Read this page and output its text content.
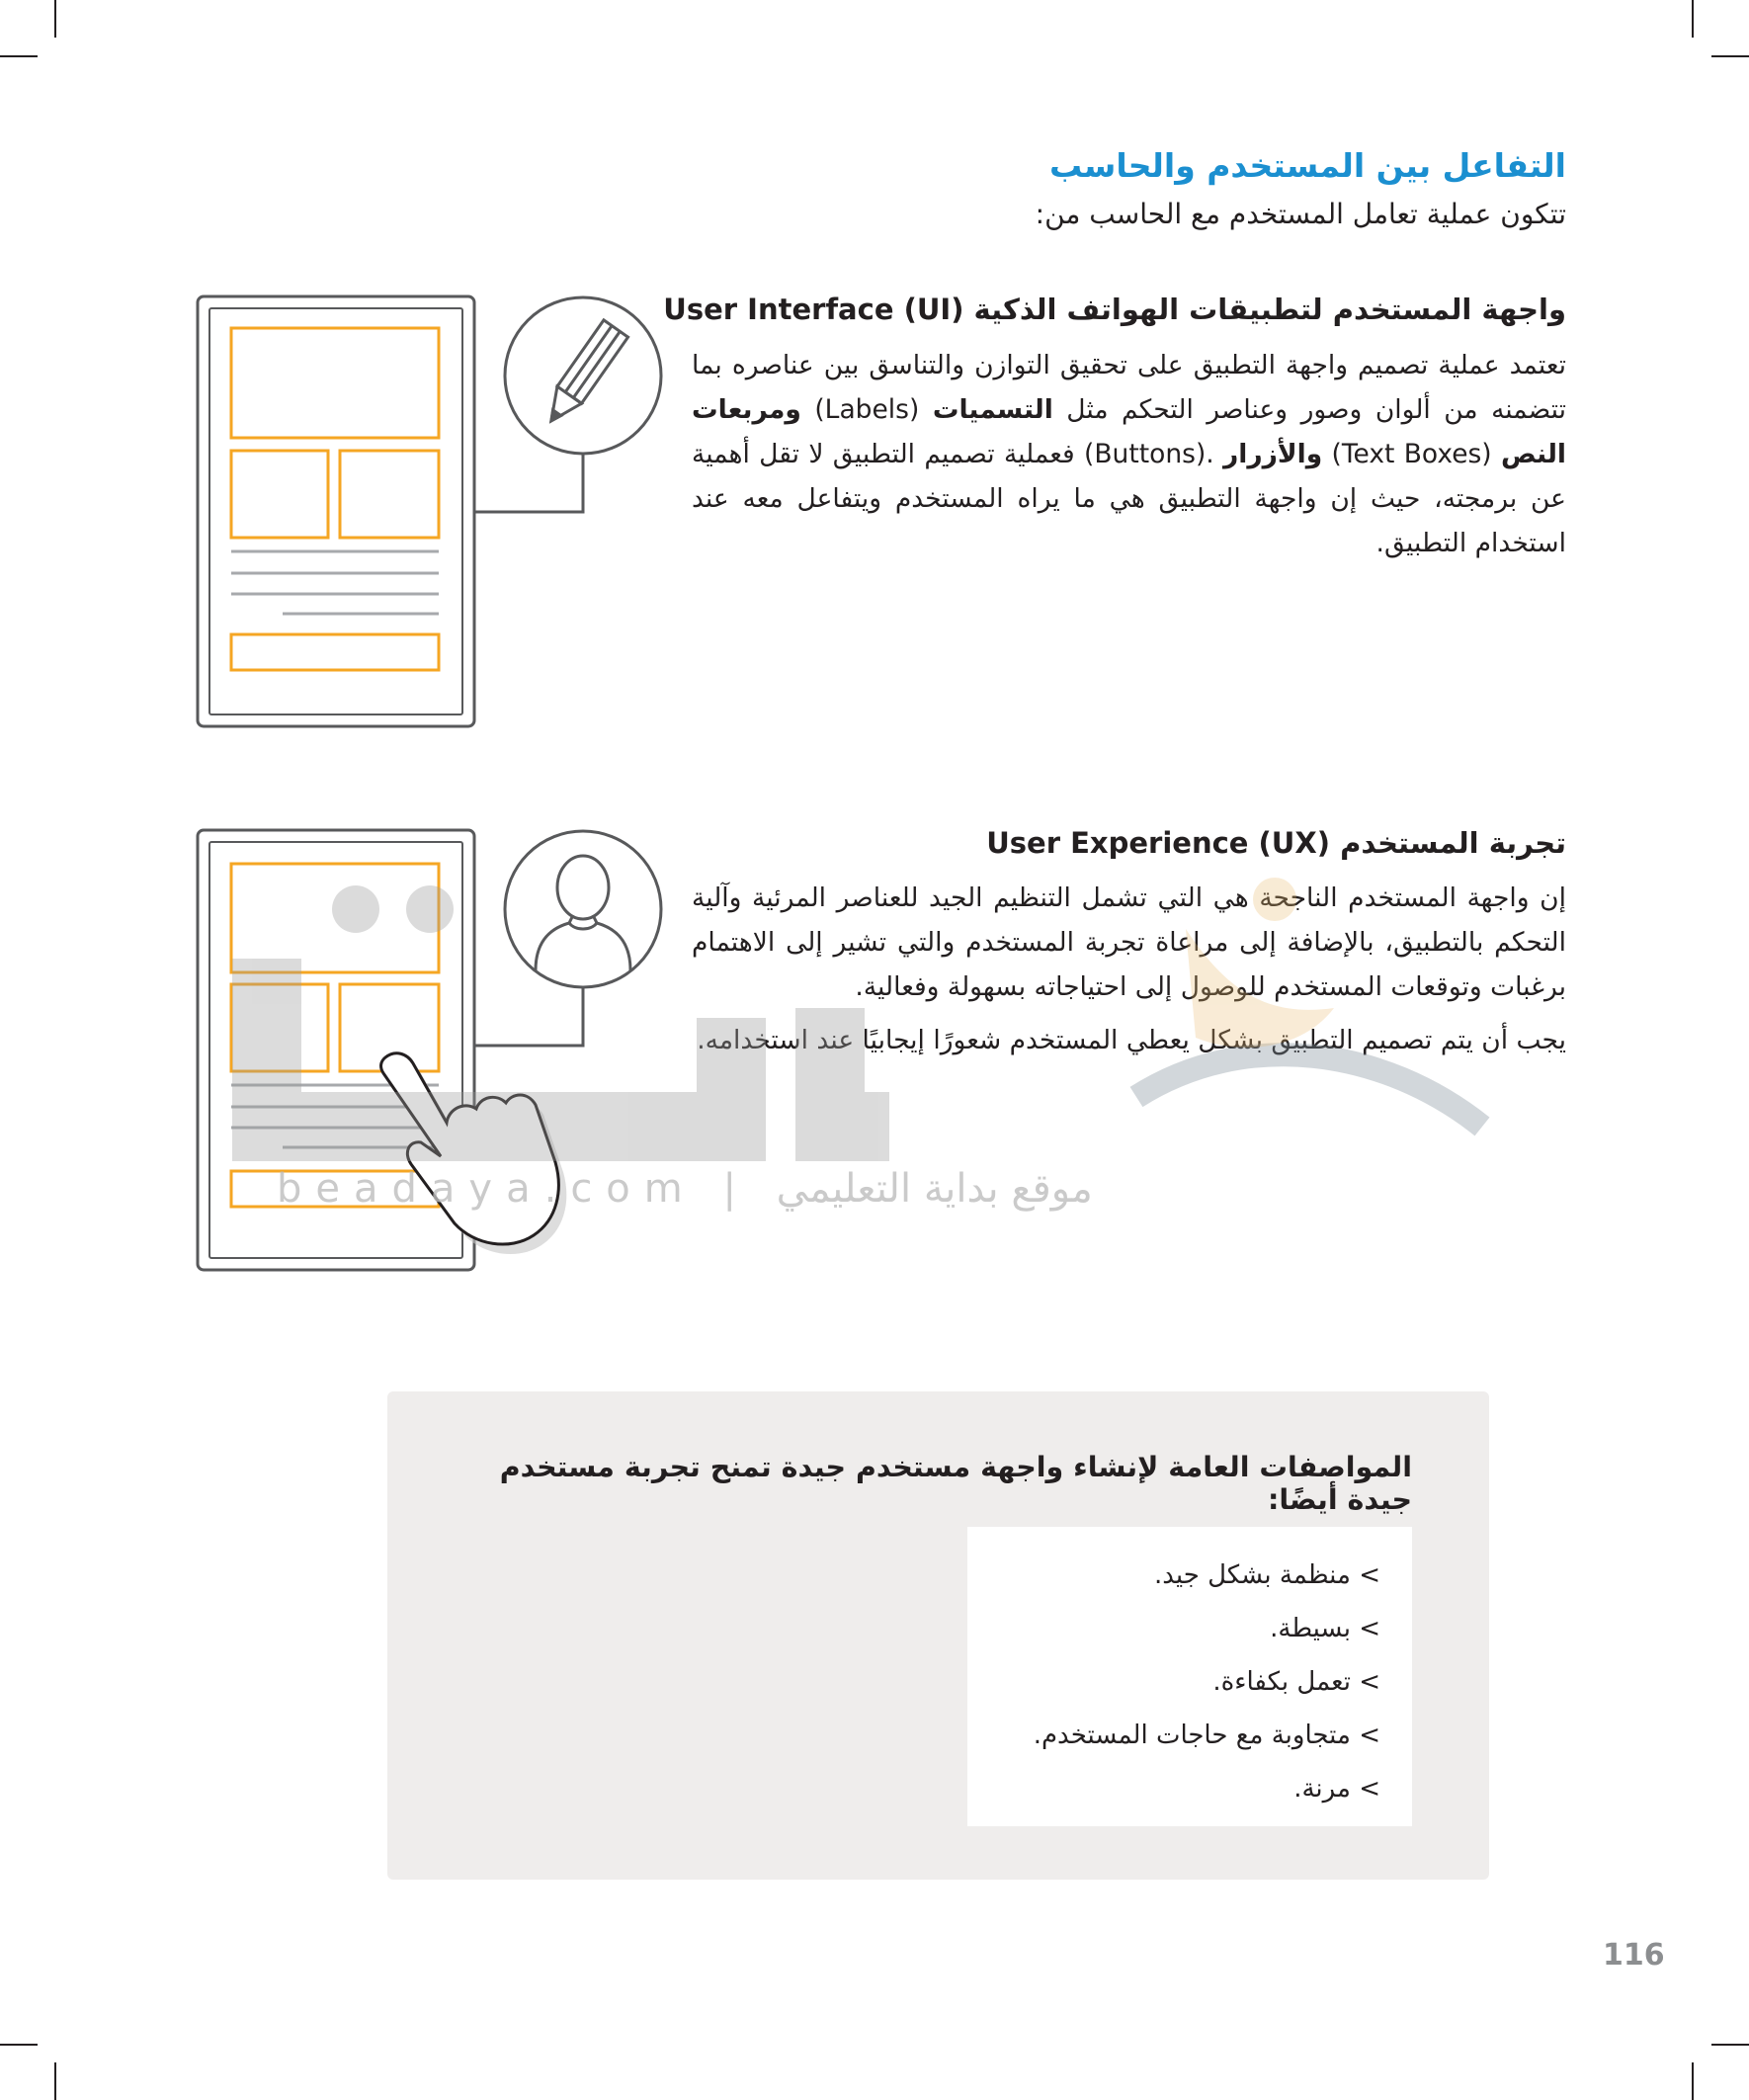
التفاعل بين المستخدم والحاسب
تتكون عملية تعامل المستخدم مع الحاسب من:
واجهة المستخدم لتطبيقات الهواتف الذكية (User Interface (UI
تعتمد عملية تصميم واجهة التطبيق على تحقيق التوازن والتناسق بين عناصره بما تتضمنه من ألوان وصور وعناصر التحكم مثل التسميات (Labels) ومربعات النص (Text Boxes) والأزرار (Buttons). فعملية تصميم التطبيق لا تقل أهمية عن برمجته، حيث إن واجهة التطبيق هي ما يراه المستخدم ويتفاعل معه عند استخدام التطبيق.
تجربة المستخدم (User Experience (UX
إن واجهة المستخدم الناجحة هي التي تشمل التنظيم الجيد للعناصر المرئية وآلية التحكم بالتطبيق، بالإضافة إلى مراعاة تجربة المستخدم والتي تشير إلى الاهتمام برغبات وتوقعات المستخدم للوصول إلى احتياجاته بسهولة وفعالية.
يجب أن يتم تصميم التطبيق بشكل يعطي المستخدم شعورًا إيجابيًا عند استخدامه.
beadaya.com | موقع بداية التعليمي
المواصفات العامة لإنشاء واجهة مستخدم جيدة تمنح تجربة مستخدم جيدة أيضًا:
> منظمة بشكل جيد.
> بسيطة.
> تعمل بكفاءة.
> متجاوبة مع حاجات المستخدم.
> مرنة.
116
